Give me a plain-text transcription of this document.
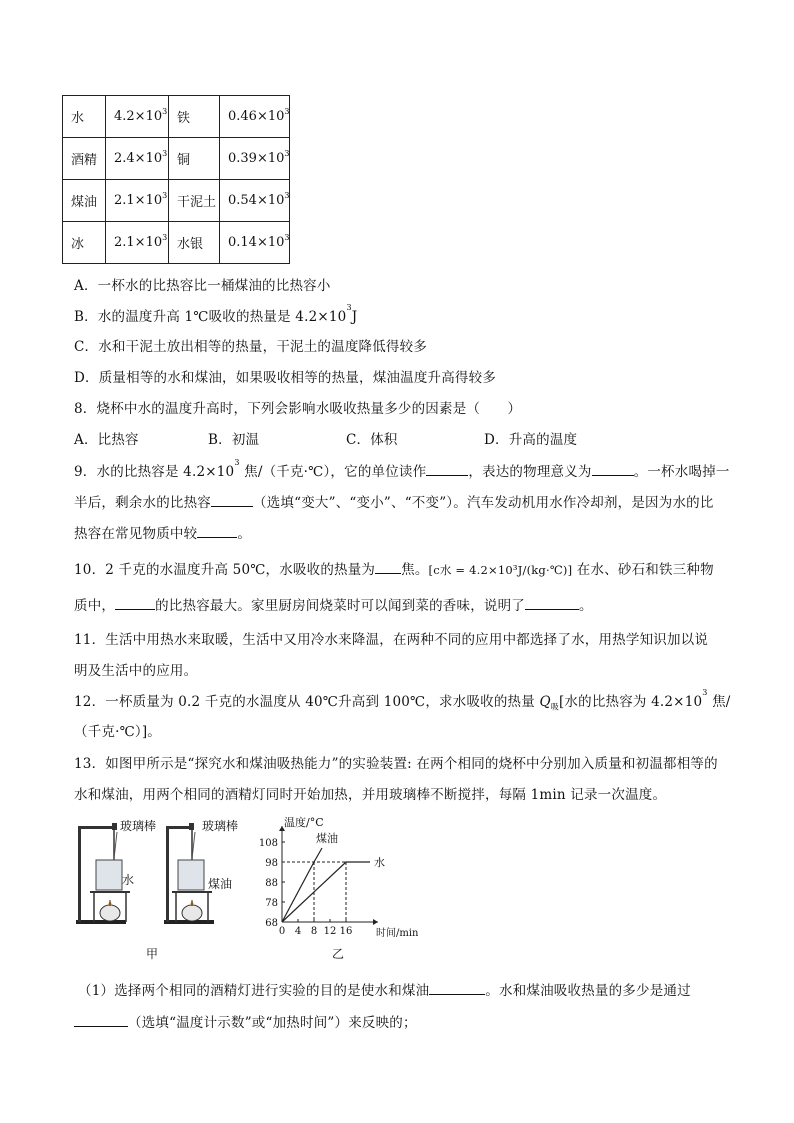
水	$4.2\times 10^3$	铁	$0.46\times 10^3$
酒精	$2.4\times 10^3$	铜	$0.39\times 10^3$
煤油	$2.1\times 10^3$	干泥土	$0.54\times 10^3$
冰	$2.1\times 10^3$	水银	$0.14\times 10^3$
A．一杯水的比热容比一桶煤油的比热容小
B．水的温度升高 1℃吸收的热量是 $4.2\times 10^3J$
C．水和干泥土放出相等的热量，干泥土的温度降低得较多
D．质量相等的水和煤油，如果吸收相等的热量，煤油温度升高得较多
8．烧杯中水的温度升高时，下列会影响水吸收热量多少的因素是（　　）
A．比热容	B．初温	C．体积	D．升高的温度
9．水的比热容是 $4.2\times 10^3$ 焦/（千克·℃），它的单位读作	，表达的物理意义为	。一杯水喝掉一
半后，剩余水的比热容	（选填“变大”、“变小”、“不变”）。汽车发动机用水作冷却剂，是因为水的比
热容在常见物质中较	。
10．2 千克的水温度升高 50℃，水吸收的热量为 焦。[c水 = 4.2×10³J/(kg·℃)] 在水、砂石和铁三种物
质中，	的比热容最大。家里厨房间烧菜时可以闻到菜的香味，说明了	。
11．生活中用热水来取暖，生活中又用冷水来降温，在两种不同的应用中都选择了水，用热学知识加以说
明及生活中的应用。
12．一杯质量为 0.2 千克的水温度从 40℃升高到 100℃，求水吸收的热量 $Q_吸$[水的比热容为 $4.2\times 10^3$ 焦/
（千克·℃）]。
13．如图甲所示是“探究水和煤油吸热能力”的实验装置: 在两个相同的烧杯中分别加入质量和初温都相等的
水和煤油，用两个相同的酒精灯同时开始加热，并用玻璃棒不断搅拌，每隔 1min 记录一次温度。
玻璃棒
水
玻璃棒
煤油
甲
68
78
88
98
108
0 4 8 12 16
煤油
水
温度/°C
时间/min
乙
（1）选择两个相同的酒精灯进行实验的目的是使水和煤油	。水和煤油吸收热量的多少是通过
（选填“温度计示数”或“加热时间”）来反映的；
